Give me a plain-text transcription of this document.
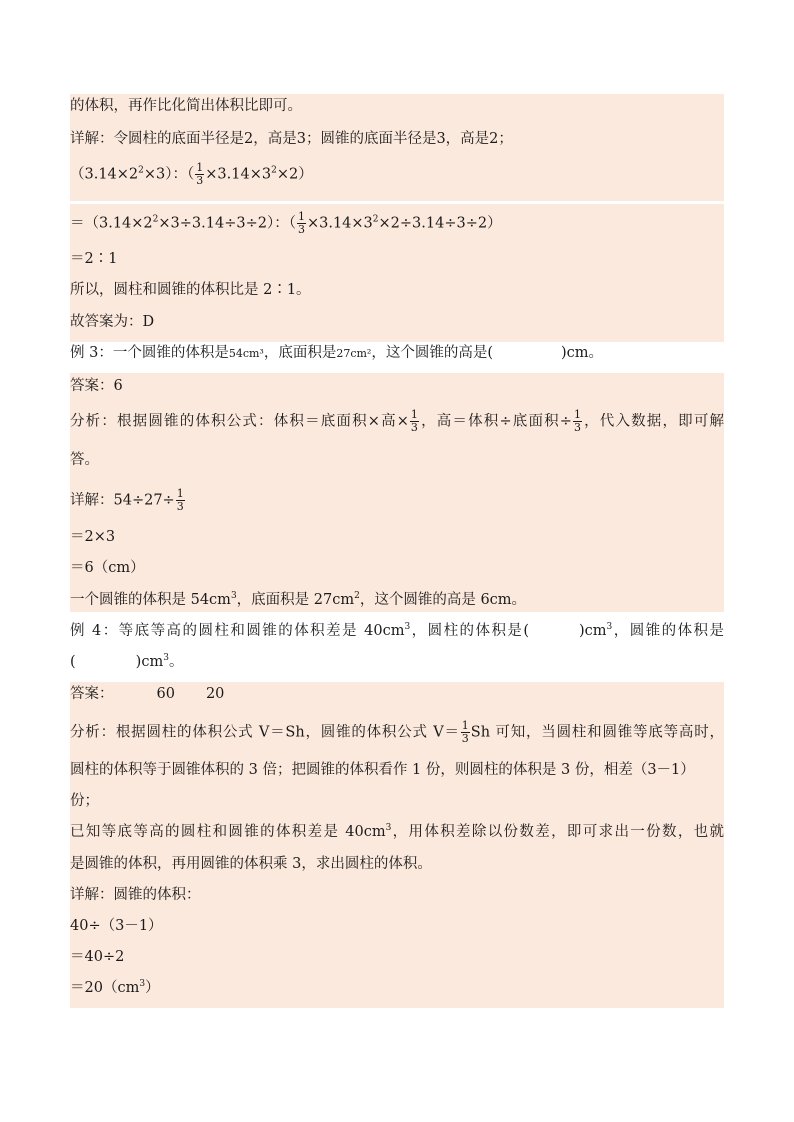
的体积，再作比化简出体积比即可。
详解：令圆柱的底面半径是2，高是3；圆锥的底面半径是3，高是2；
$(3.14\times 2^2\times 3)$：（ $\frac{1}{3} \times 3.14\times 3^2\times 2$）
$=(3.14\times 2^2\times 3\div 3.14\div 3\div 2)$：（ $\frac{1}{3} \times 3.14\times 3^2\times 2\div 3.14\div 3\div 2$）
＝2∶1
所以，圆柱和圆锥的体积比是 2∶1。
故答案为：D
例 3：一个圆锥的体积是54cm³，底面积是27cm²，这个圆锥的高是(	)cm。
答案：6
分析：根据圆锥的体积公式：体积＝底面积×高× $\frac{1}{3}$ ，高＝体积÷底面积÷ $\frac{1}{3}$ ，代入数据，即可解
答。
详解：$54\div 27\div \frac{1}{3}$
＝2×3
＝6（cm）
一个圆锥的体积是 $54cm^3$，底面积是 $27cm^2$，这个圆锥的高是 6cm。
例 4：等底等高的圆柱和圆锥的体积差是 $40cm^3$，圆柱的体积是(	)$cm^3$，圆锥的体积是
(	)$cm^3$。
答案：	60 20
分析：根据圆柱的体积公式 V＝Sh，圆锥的体积公式 $V= \frac{1}{3}$ Sh 可知，当圆柱和圆锥等底等高时，
圆柱的体积等于圆锥体积的 3 倍；把圆锥的体积看作 1 份，则圆柱的体积是 3 份，相差（3－1）
份；
已知等底等高的圆柱和圆锥的体积差是 $40cm^3$，用体积差除以份数差，即可求出一份数，也就
是圆锥的体积，再用圆锥的体积乘 3，求出圆柱的体积。
详解：圆锥的体积：
40÷（3－1）
＝40÷2
$=20(cm^3)$
